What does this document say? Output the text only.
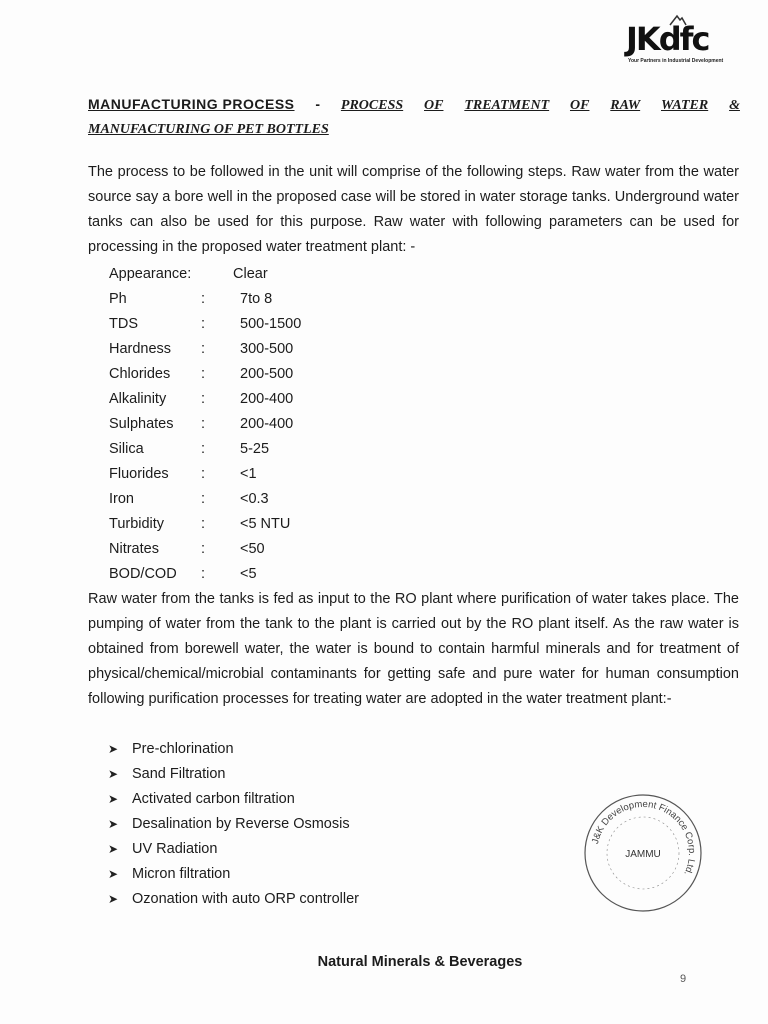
JKdfc
Your Partners in Industrial Development
MANUFACTURING PROCESS - PROCESS OF TREATMENT OF RAW WATER &
MANUFACTURING OF PET BOTTLES
The process to be followed in the unit will comprise of the following steps. Raw water from the water source say a bore well in the proposed case will be stored in water storage tanks. Underground water tanks can also be used for this purpose. Raw water with following parameters can be used for processing in the proposed water treatment plant: -
Appearance:	Clear
Ph	: 7to 8
TDS	: 500-1500
Hardness : 300-500
Chlorides : 200-500
Alkalinity : 200-400
Sulphates : 200-400
Silica	: 5-25
Fluorides : <1
Iron	: <0.3
Turbidity	: <5 NTU
Nitrates	: <50
BOD/COD : <5
Raw water from the tanks is fed as input to the RO plant where purification of water takes place. The pumping of water from the tank to the plant is carried out by the RO plant itself. As the raw water is obtained from borewell water, the water is bound to contain harmful minerals and for treatment of physical/chemical/microbial contaminants for getting safe and pure water for human consumption following purification processes for treating water are adopted in the water treatment plant:-
➤ Pre-chlorination
➤ Sand Filtration
➤ Activated carbon filtration
➤ Desalination by Reverse Osmosis
➤ UV Radiation
➤ Micron filtration
➤ Ozonation with auto ORP controller
J&K Development Finance Corp. Ltd.
JAMMU
Natural Minerals & Beverages
9
